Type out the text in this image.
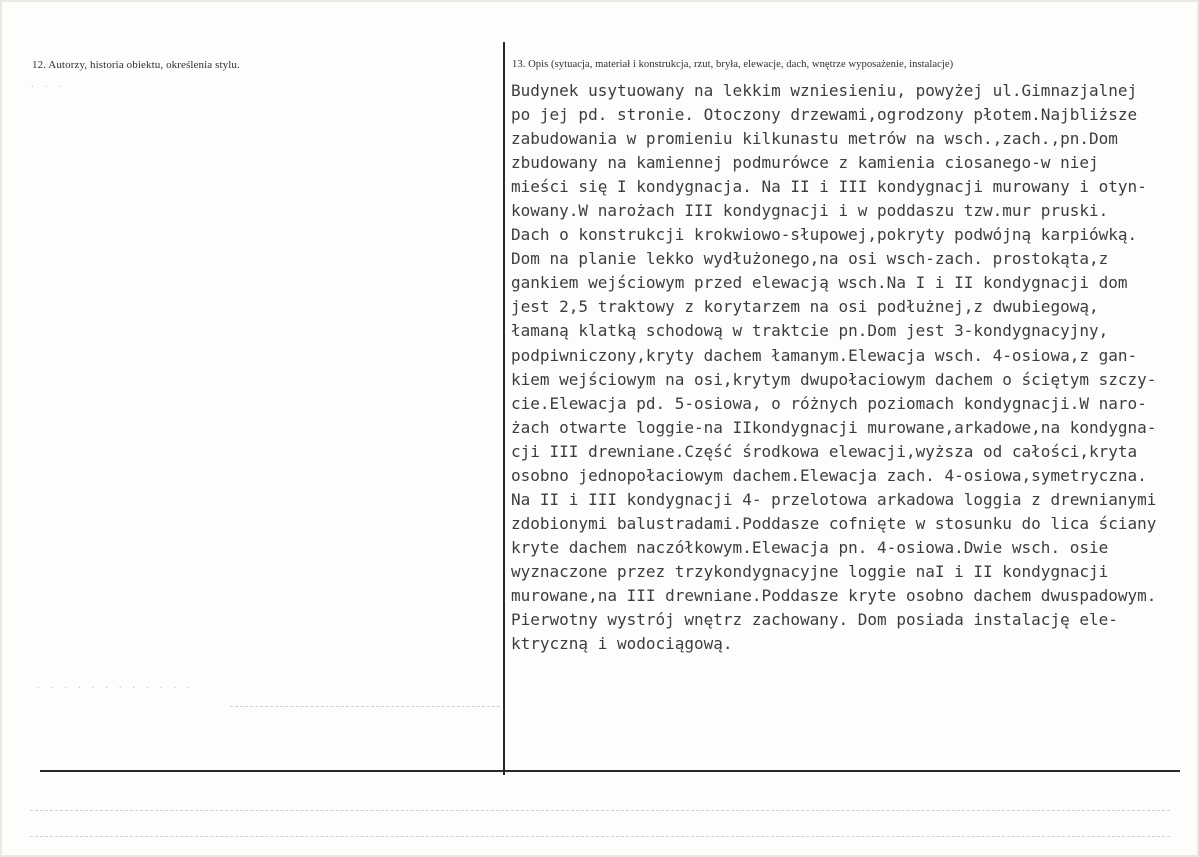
12. Autorzy, historia obiektu, określenia stylu.	13. Opis (sytuacja, materiał i konstrukcja, rzut, bryła, elewacje, dach, wnętrze wyposażenie, instalacje)
· · ·
· · · · · · · · · · · ·
Budynek usytuowany na lekkim wzniesieniu, powyżej ul.Gimnazjalnej
po jej pd. stronie. Otoczony drzewami,ogrodzony płotem.Najbliższe
zabudowania w promieniu kilkunastu metrów na wsch.,zach.,pn.Dom
zbudowany na kamiennej podmurówce z kamienia ciosanego-w niej
mieści się I kondygnacja. Na II i III kondygnacji murowany i otyn-
kowany.W narożach III kondygnacji i w poddaszu tzw.mur pruski.
Dach o konstrukcji krokwiowo-słupowej,pokryty podwójną karpiówką.
Dom na planie lekko wydłużonego,na osi wsch-zach. prostokąta,z
gankiem wejściowym przed elewacją wsch.Na I i II kondygnacji dom
jest 2,5 traktowy z korytarzem na osi podłużnej,z dwubiegową,
łamaną klatką schodową w traktcie pn.Dom jest 3-kondygnacyjny,
podpiwniczony,kryty dachem łamanym.Elewacja wsch. 4-osiowa,z gan-
kiem wejściowym na osi,krytym dwupołaciowym dachem o ściętym szczy-
cie.Elewacja pd. 5-osiowa, o różnych poziomach kondygnacji.W naro-
żach otwarte loggie-na IIkondygnacji murowane,arkadowe,na kondygna-
cji III drewniane.Część środkowa elewacji,wyższa od całości,kryta
osobno jednopołaciowym dachem.Elewacja zach. 4-osiowa,symetryczna.
Na II i III kondygnacji 4- przelotowa arkadowa loggia z drewnianymi
zdobionymi balustradami.Poddasze cofnięte w stosunku do lica ściany
kryte dachem naczółkowym.Elewacja pn. 4-osiowa.Dwie wsch. osie
wyznaczone przez trzykondygnacyjne loggie naI i II kondygnacji
murowane,na III drewniane.Poddasze kryte osobno dachem dwuspadowym.
Pierwotny wystrój wnętrz zachowany. Dom posiada instalację ele-
ktryczną i wodociągową.
